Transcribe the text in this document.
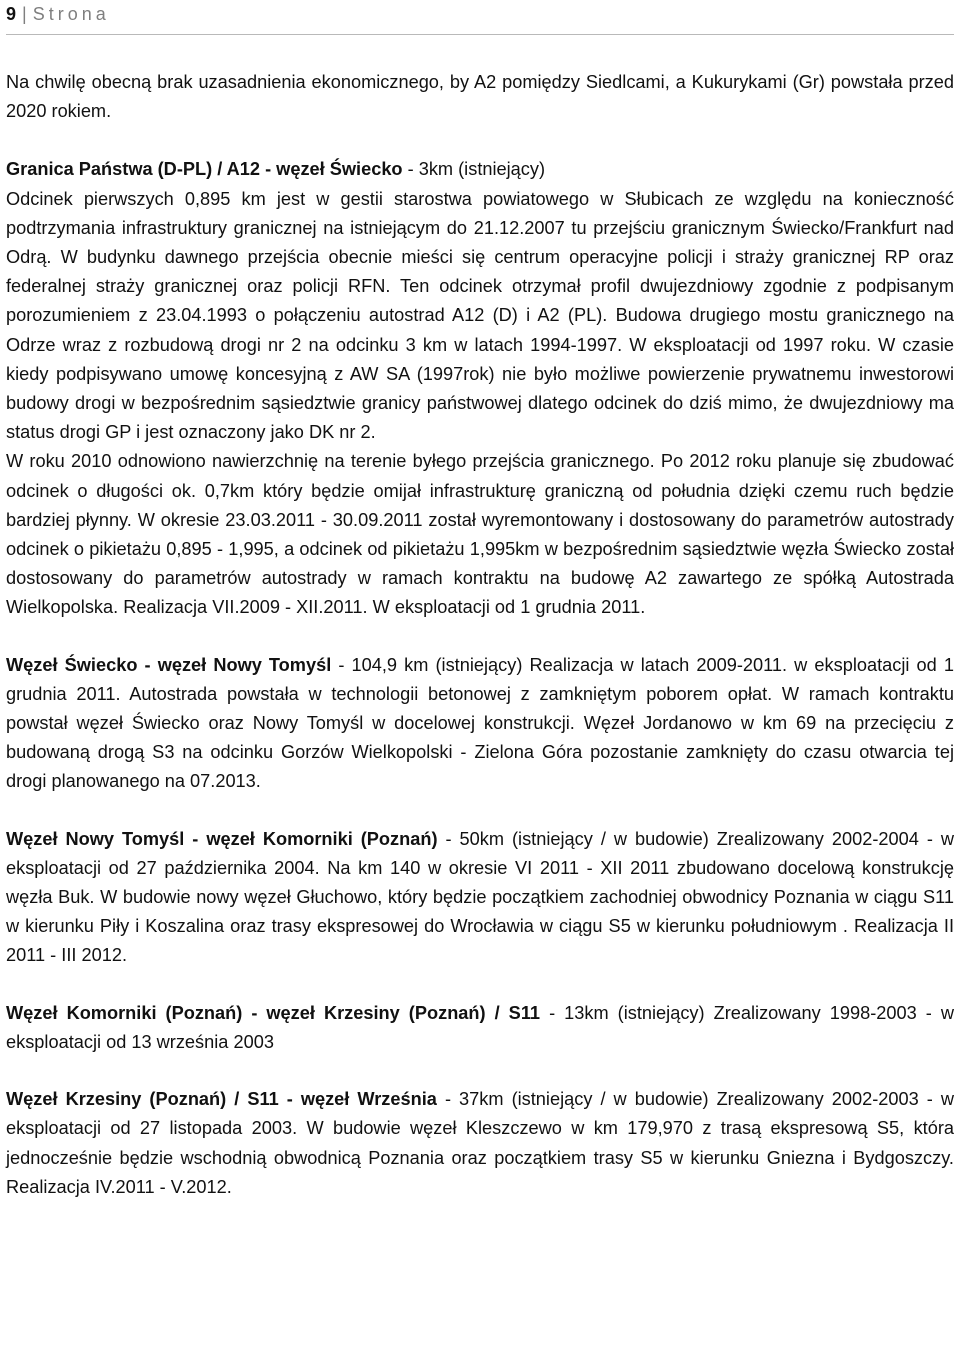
9 | Strona

Na chwilę obecną brak uzasadnienia ekonomicznego, by A2 pomiędzy Siedlcami, a Kukurykami (Gr) powstała przed 2020 rokiem.

Granica Państwa (D-PL) / A12 - węzeł Świecko - 3km (istniejący)
Odcinek pierwszych 0,895 km jest w gestii starostwa powiatowego w Słubicach ze względu na konieczność podtrzymania infrastruktury granicznej na istniejącym do 21.12.2007 tu przejściu granicznym Świecko/Frankfurt nad Odrą. W budynku dawnego przejścia obecnie mieści się centrum operacyjne policji i straży granicznej RP oraz federalnej straży granicznej oraz policji RFN. Ten odcinek otrzymał profil dwujezdniowy zgodnie z podpisanym porozumieniem z 23.04.1993 o połączeniu autostrad A12 (D) i A2 (PL). Budowa drugiego mostu granicznego na Odrze wraz z rozbudową drogi nr 2 na odcinku 3 km w latach 1994-1997. W eksploatacji od 1997 roku. W czasie kiedy podpisywano umowę koncesyjną z AW SA (1997rok) nie było możliwe powierzenie prywatnemu inwestorowi budowy drogi w bezpośrednim sąsiedztwie granicy państwowej dlatego odcinek do dziś mimo, że dwujezdniowy ma status drogi GP i jest oznaczony jako DK nr 2.

W roku 2010 odnowiono nawierzchnię na terenie byłego przejścia granicznego. Po 2012 roku planuje się zbudować odcinek o długości ok. 0,7km który będzie omijał infrastrukturę graniczną od południa dzięki czemu ruch będzie bardziej płynny. W okresie 23.03.2011 - 30.09.2011 został wyremontowany i dostosowany do parametrów autostrady odcinek o pikietażu 0,895 - 1,995, a odcinek od pikietażu 1,995km w bezpośrednim sąsiedztwie węzła Świecko został dostosowany do parametrów autostrady w ramach kontraktu na budowę A2 zawartego ze spółką Autostrada Wielkopolska. Realizacja VII.2009 - XII.2011. W eksploatacji od 1 grudnia 2011.

Węzeł Świecko - węzeł Nowy Tomyśl - 104,9 km (istniejący) Realizacja w latach 2009-2011. w eksploatacji od 1 grudnia 2011. Autostrada powstała w technologii betonowej z zamkniętym poborem opłat. W ramach kontraktu powstał węzeł Świecko oraz Nowy Tomyśl w docelowej konstrukcji. Węzeł Jordanowo w km 69 na przecięciu z budowaną drogą S3 na odcinku Gorzów Wielkopolski - Zielona Góra pozostanie zamknięty do czasu otwarcia tej drogi planowanego na 07.2013.

Węzeł Nowy Tomyśl - węzeł Komorniki (Poznań) - 50km (istniejący / w budowie) Zrealizowany 2002-2004 - w eksploatacji od 27 października 2004. Na km 140 w okresie VI 2011 - XII 2011 zbudowano docelową konstrukcję węzła Buk. W budowie nowy węzeł Głuchowo, który będzie początkiem zachodniej obwodnicy Poznania w ciągu S11 w kierunku Piły i Koszalina oraz trasy ekspresowej do Wrocławia w ciągu S5 w kierunku południowym . Realizacja II 2011 - III 2012.

Węzeł Komorniki (Poznań) - węzeł Krzesiny (Poznań) / S11 - 13km (istniejący) Zrealizowany 1998-2003 - w eksploatacji od 13 września 2003

Węzeł Krzesiny (Poznań) / S11 - węzeł Września - 37km (istniejący / w budowie) Zrealizowany 2002-2003 - w eksploatacji od 27 listopada 2003. W budowie węzeł Kleszczewo w km 179,970 z trasą ekspresową S5, która jednocześnie będzie wschodnią obwodnicą Poznania oraz początkiem trasy S5 w kierunku Gniezna i Bydgoszczy. Realizacja IV.2011 - V.2012.
